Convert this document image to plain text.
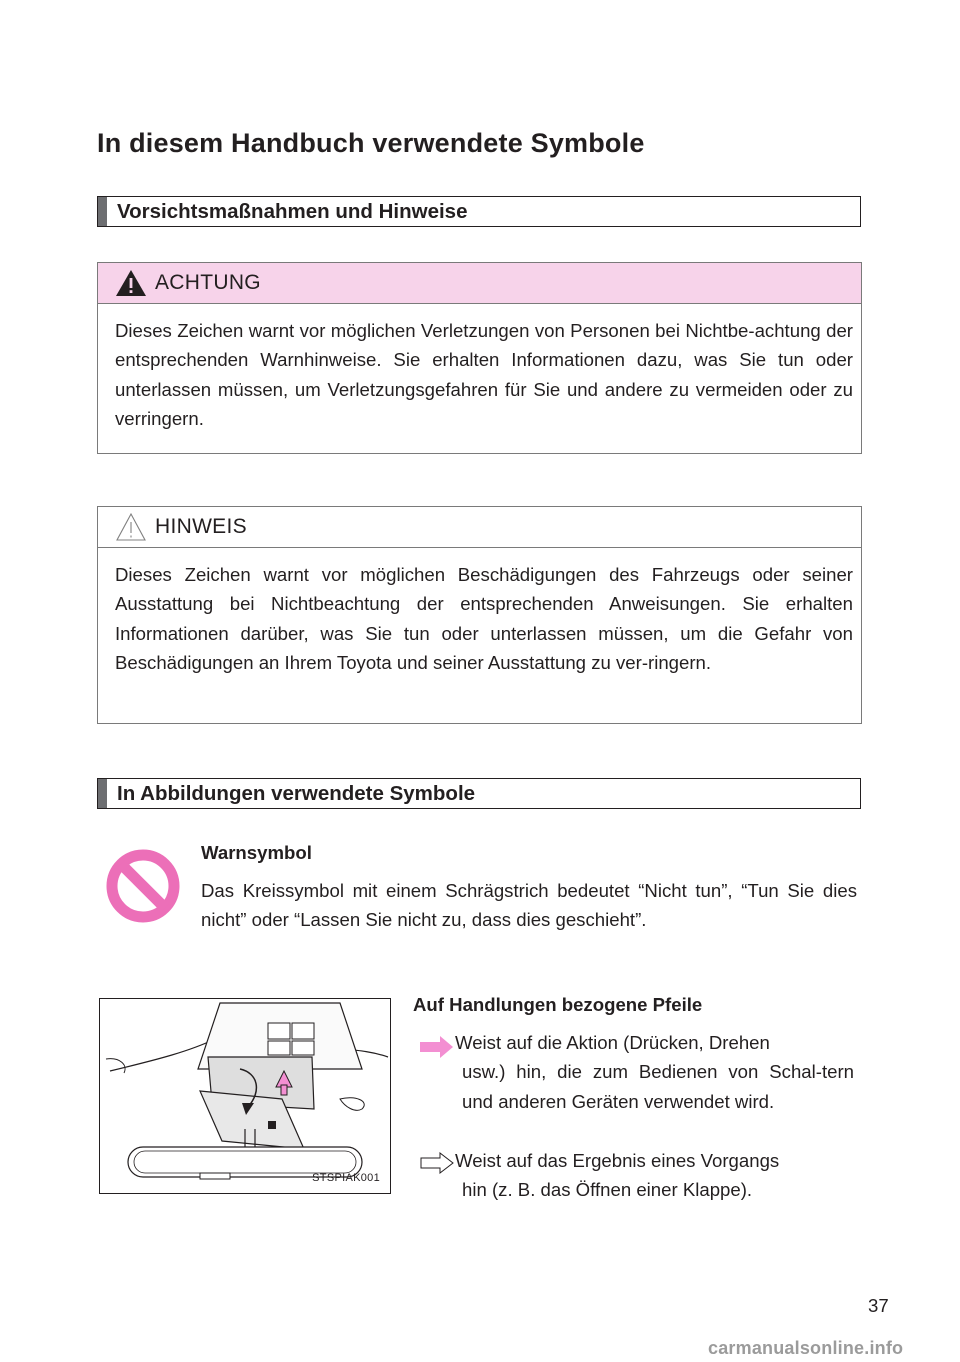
In diesem Handbuch verwendete Symbole
Vorsichtsmaßnahmen und Hinweise
ACHTUNG
Dieses Zeichen warnt vor möglichen Verletzungen von Personen bei Nichtbe-achtung der entsprechenden Warnhinweise. Sie erhalten Informationen dazu, was Sie tun oder unterlassen müssen, um Verletzungsgefahren für Sie und andere zu vermeiden oder zu verringern.
HINWEIS
Dieses Zeichen warnt vor möglichen Beschädigungen des Fahrzeugs oder seiner Ausstattung bei Nichtbeachtung der entsprechenden Anweisungen. Sie erhalten Informationen darüber, was Sie tun oder unterlassen müssen, um die Gefahr von Beschädigungen an Ihrem Toyota und seiner Ausstattung zu ver-ringern.
In Abbildungen verwendete Symbole
Warnsymbol
Das Kreissymbol mit einem Schrägstrich bedeutet “Nicht tun”, “Tun Sie dies nicht” oder “Lassen Sie nicht zu, dass dies geschieht”.
STSPIAK001
Auf Handlungen bezogene Pfeile
Weist auf die Aktion (Drücken, Drehen
usw.) hin, die zum Bedienen von Schal-tern und anderen Geräten verwendet wird.
Weist auf das Ergebnis eines Vorgangs
hin (z. B. das Öffnen einer Klappe).
37
carmanualsonline.info
